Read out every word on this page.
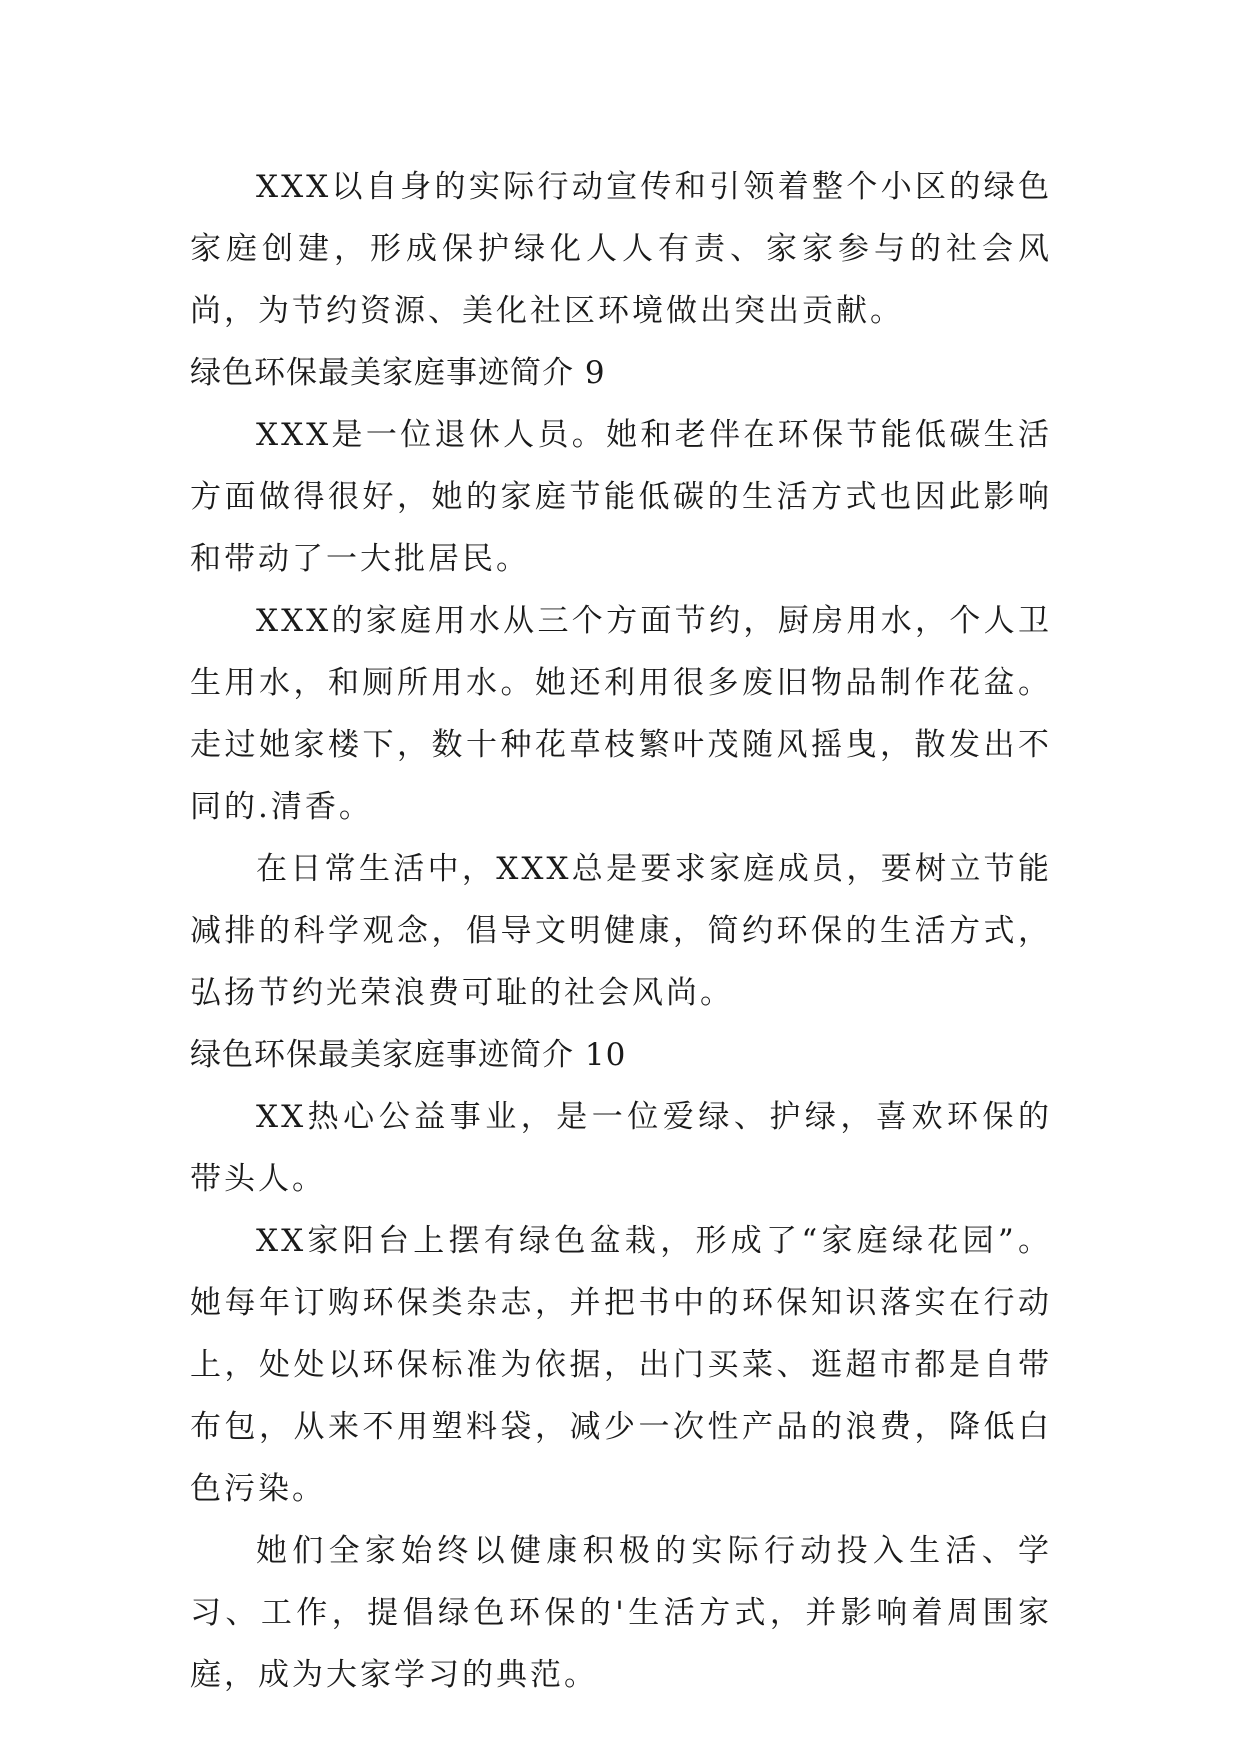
XXX以自身的实际行动宣传和引领着整个小区的绿色家庭创建，形成保护绿化人人有责、家家参与的社会风尚，为节约资源、美化社区环境做出突出贡献。

绿色环保最美家庭事迹简介 9

XXX是一位退休人员。她和老伴在环保节能低碳生活方面做得很好，她的家庭节能低碳的生活方式也因此影响和带动了一大批居民。

XXX的家庭用水从三个方面节约，厨房用水，个人卫生用水，和厕所用水。她还利用很多废旧物品制作花盆。走过她家楼下，数十种花草枝繁叶茂随风摇曳，散发出不同的.清香。

在日常生活中，XXX总是要求家庭成员，要树立节能减排的科学观念，倡导文明健康，简约环保的生活方式，弘扬节约光荣浪费可耻的社会风尚。

绿色环保最美家庭事迹简介 10

XX热心公益事业，是一位爱绿、护绿，喜欢环保的带头人。

XX家阳台上摆有绿色盆栽，形成了“家庭绿花园”。她每年订购环保类杂志，并把书中的环保知识落实在行动上，处处以环保标准为依据，出门买菜、逛超市都是自带布包，从来不用塑料袋，减少一次性产品的浪费，降低白色污染。

她们全家始终以健康积极的实际行动投入生活、学习、工作，提倡绿色环保的'生活方式，并影响着周围家庭，成为大家学习的典范。
